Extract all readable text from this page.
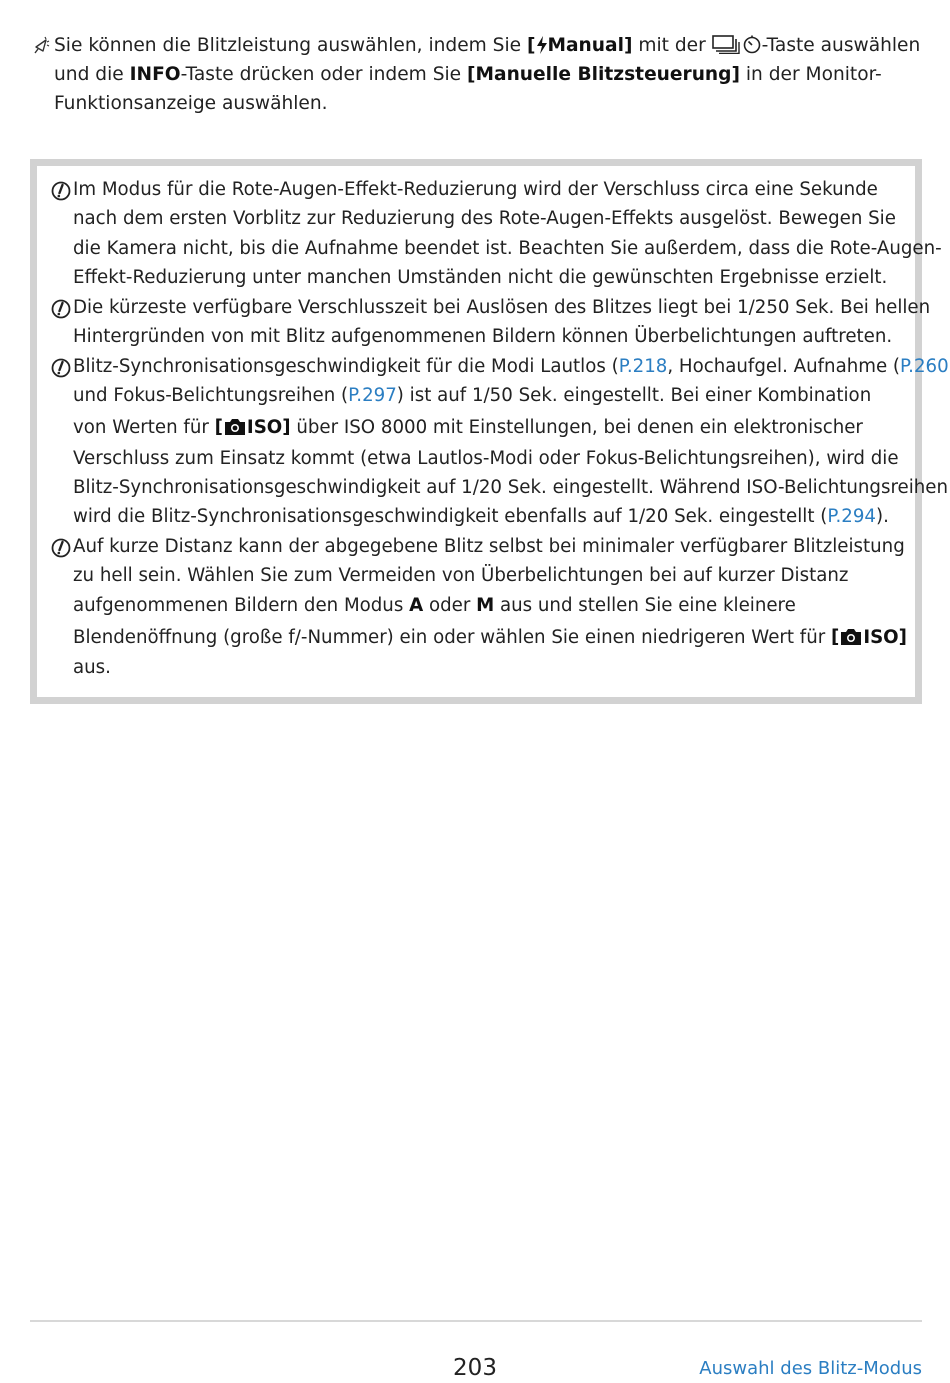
Sie können die Blitzleistung auswählen, indem Sie [ Manual] mit der	-Taste auswählen
und die INFO-Taste drücken oder indem Sie [Manuelle Blitzsteuerung] in der Monitor-
Funktionsanzeige auswählen.
Im Modus für die Rote-Augen-Effekt-Reduzierung wird der Verschluss circa eine Sekunde
nach dem ersten Vorblitz zur Reduzierung des Rote-Augen-Effekts ausgelöst. Bewegen Sie
die Kamera nicht, bis die Aufnahme beendet ist. Beachten Sie außerdem, dass die Rote-Augen-
Effekt-Reduzierung unter manchen Umständen nicht die gewünschten Ergebnisse erzielt.
Die kürzeste verfügbare Verschlusszeit bei Auslösen des Blitzes liegt bei 1/250 Sek. Bei hellen
Hintergründen von mit Blitz aufgenommenen Bildern können Überbelichtungen auftreten.
Blitz-Synchronisationsgeschwindigkeit für die Modi Lautlos (P.218, Hochaufgel. Aufnahme (P.260
und Fokus-Belichtungsreihen (P.297) ist auf 1/50 Sek. eingestellt. Bei einer Kombination
von Werten für [ ISO] über ISO 8000 mit Einstellungen, bei denen ein elektronischer
Verschluss zum Einsatz kommt (etwa Lautlos-Modi oder Fokus-Belichtungsreihen), wird die
Blitz-Synchronisationsgeschwindigkeit auf 1/20 Sek. eingestellt. Während ISO-Belichtungsreihen
wird die Blitz-Synchronisationsgeschwindigkeit ebenfalls auf 1/20 Sek. eingestellt (P.294).
Auf kurze Distanz kann der abgegebene Blitz selbst bei minimaler verfügbarer Blitzleistung
zu hell sein. Wählen Sie zum Vermeiden von Überbelichtungen bei auf kurzer Distanz
aufgenommenen Bildern den Modus A oder M aus und stellen Sie eine kleinere
Blendenöffnung (große f/-Nummer) ein oder wählen Sie einen niedrigeren Wert für [ ISO]
aus.
203	Auswahl des Blitz-Modus
